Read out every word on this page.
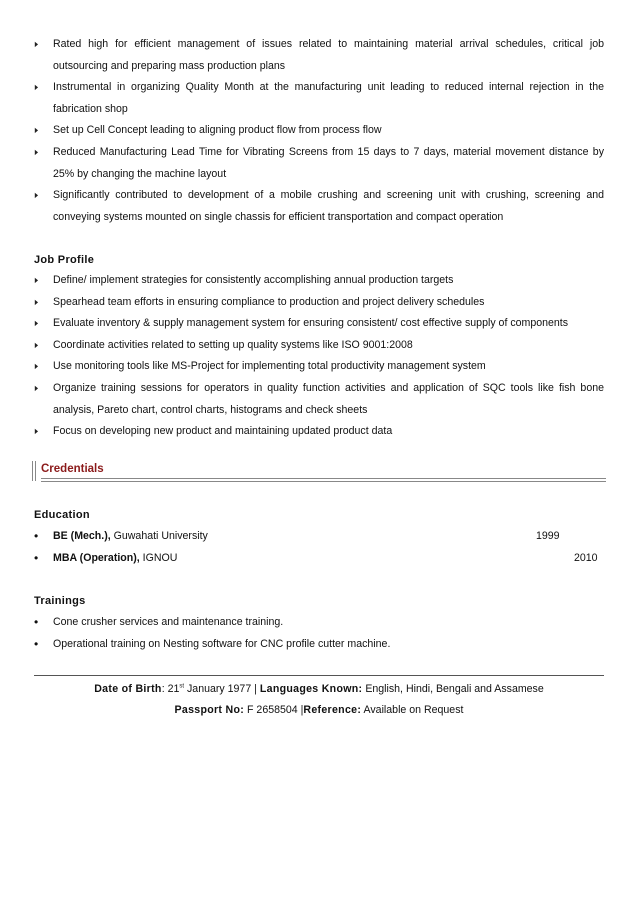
► Rated high for efficient management of issues related to maintaining material arrival schedules, critical job outsourcing and preparing mass production plans
► Instrumental in organizing Quality Month at the manufacturing unit leading to reduced internal rejection in the fabrication shop
► Set up Cell Concept leading to aligning product flow from process flow
► Reduced Manufacturing Lead Time for Vibrating Screens from 15 days to 7 days, material movement distance by 25% by changing the machine layout
► Significantly contributed to development of a mobile crushing and screening unit with crushing, screening and conveying systems mounted on single chassis for efficient transportation and compact operation
Job Profile
► Define/ implement strategies for consistently accomplishing annual production targets
► Spearhead team efforts in ensuring compliance to production and project delivery schedules
► Evaluate inventory & supply management system for ensuring consistent/ cost effective supply of components
► Coordinate activities related to setting up quality systems like ISO 9001:2008
► Use monitoring tools like MS-Project for implementing total productivity management system
► Organize training sessions for operators in quality function activities and application of SQC tools like fish bone analysis, Pareto chart, control charts, histograms and check sheets
► Focus on developing new product and maintaining updated product data
Credentials
Education
• BE (Mech.), Guwahati University	1999
• MBA (Operation), IGNOU	2010
Trainings
• Cone crusher services and maintenance training.
• Operational training on Nesting software for CNC profile cutter machine.
Date of Birth: 21st January 1977 | Languages Known: English, Hindi, Bengali and Assamese
Passport No: F 2658504 |Reference: Available on Request
